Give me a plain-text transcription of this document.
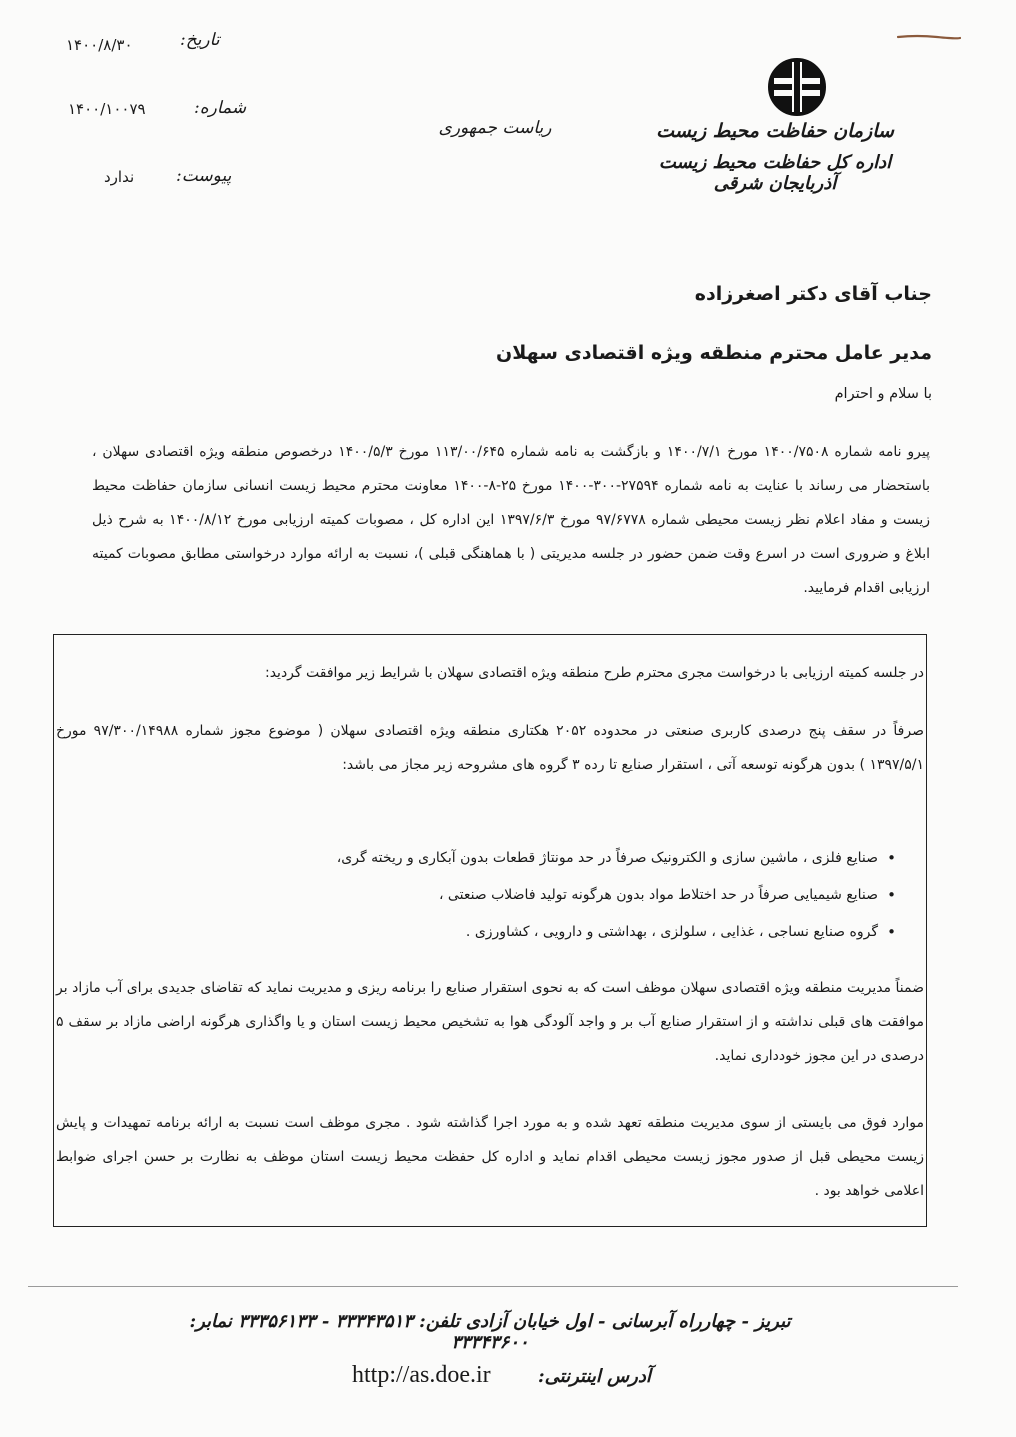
تاریخ:
۱۴۰۰/۸/۳۰
شماره:
۱۴۰۰/۱۰۰۷۹
پیوست:
ندارد
ریاست جمهوری	سازمان حفاظت محیط زیست
اداره کل حفاظت محیط زیست آذربایجان شرقی
جناب آقای دکتر اصغرزاده
مدیر عامل محترم منطقه ویژه اقتصادی سهلان
با سلام و احترام
پیرو نامه شماره ۱۴۰۰/۷۵۰۸ مورخ ۱۴۰۰/۷/۱ و بازگشت به نامه شماره ۱۱۳/۰۰/۶۴۵ مورخ ۱۴۰۰/۵/۳ درخصوص منطقه ویژه اقتصادی سهلان ، باستحضار می رساند با عنایت به نامه شماره ۲۷۵۹۴-۳۰۰-۱۴۰۰ مورخ ۲۵-۸-۱۴۰۰ معاونت محترم محیط زیست انسانی سازمان حفاظت محیط زیست و مفاد اعلام نظر زیست محیطی شماره ۹۷/۶۷۷۸ مورخ ۱۳۹۷/۶/۳ این اداره کل ، مصوبات کمیته ارزیابی مورخ ۱۴۰۰/۸/۱۲ به شرح ذیل ابلاغ و ضروری است در اسرع وقت ضمن حضور در جلسه مدیریتی ( با هماهنگی قبلی )، نسبت به ارائه موارد درخواستی مطابق مصوبات کمیته ارزیابی اقدام فرمایید.

در جلسه کمیته ارزیابی با درخواست مجری محترم طرح منطقه ویژه اقتصادی سهلان با شرایط زیر موافقت گردید:

صرفاً در سقف پنج درصدی کاربری صنعتی در محدوده ۲۰۵۲ هکتاری منطقه ویژه اقتصادی سهلان ( موضوع مجوز شماره ۹۷/۳۰۰/۱۴۹۸۸ مورخ ۱۳۹۷/۵/۱ ) بدون هرگونه توسعه آتی ، استقرار صنایع تا رده ۳ گروه های مشروحه زیر مجاز می باشد:

• صنایع فلزی ، ماشین سازی و الکترونیک صرفاً در حد مونتاژ قطعات بدون آبکاری و ریخته گری،
• صنایع شیمیایی صرفاً در حد اختلاط مواد بدون هرگونه تولید فاضلاب صنعتی ،
• گروه صنایع نساجی ، غذایی ، سلولزی ، بهداشتی و دارویی ، کشاورزی .

ضمناً مدیریت منطقه ویژه اقتصادی سهلان موظف است که به نحوی استقرار صنایع را برنامه ریزی و مدیریت نماید که تقاضای جدیدی برای آب مازاد بر موافقت های قبلی نداشته و از استقرار صنایع آب بر و واجد آلودگی هوا به تشخیص محیط زیست استان و یا واگذاری هرگونه اراضی مازاد بر سقف ۵ درصدی در این مجوز خودداری نماید.

موارد فوق می بایستی از سوی مدیریت منطقه تعهد شده و به مورد اجرا گذاشته شود . مجری موظف است نسبت به ارائه برنامه تمهیدات و پایش زیست محیطی قبل از صدور مجوز زیست محیطی اقدام نماید و اداره کل حفظت محیط زیست استان موظف به نظارت بر حسن اجرای ضوابط اعلامی خواهد بود .

تبریز - چهارراه آبرسانی - اول خیابان آزادی تلفن: ۳۳۳۴۳۵۱۳ - ۳۳۳۵۶۱۳۳ نمابر: ۳۳۳۴۳۶۰۰
http://as.doe.ir	آدرس اینترنتی:
